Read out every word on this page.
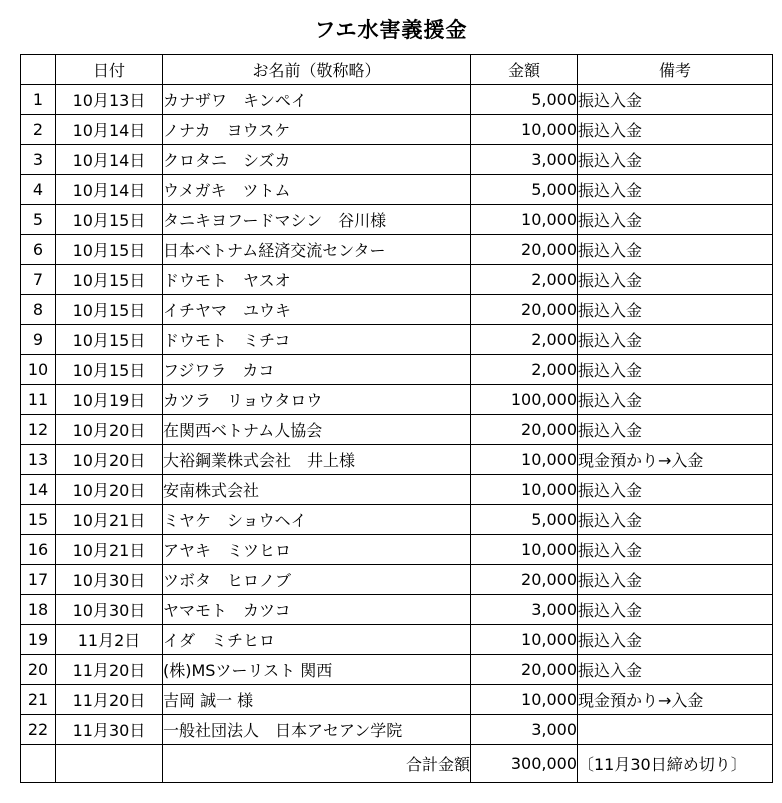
フエ水害義援金
	日付	お名前（敬称略）	金額	備考
1	10月13日	カナザワ　キンペイ	5,000	振込入金
2	10月14日	ノナカ　ヨウスケ	10,000	振込入金
3	10月14日	クロタニ　シズカ	3,000	振込入金
4	10月14日	ウメガキ　ツトム	5,000	振込入金
5	10月15日	タニキヨフードマシン　谷川様	10,000	振込入金
6	10月15日	日本ベトナム経済交流センター	20,000	振込入金
7	10月15日	ドウモト　ヤスオ	2,000	振込入金
8	10月15日	イチヤマ　ユウキ	20,000	振込入金
9	10月15日	ドウモト　ミチコ	2,000	振込入金
10	10月15日	フジワラ　カコ	2,000	振込入金
11	10月19日	カツラ　リョウタロウ	100,000	振込入金
12	10月20日	在関西ベトナム人協会	20,000	振込入金
13	10月20日	大裕鋼業株式会社　井上様	10,000	現金預かり→入金
14	10月20日	安南株式会社	10,000	振込入金
15	10月21日	ミヤケ　ショウヘイ	5,000	振込入金
16	10月21日	アヤキ　ミツヒロ	10,000	振込入金
17	10月30日	ツボタ　ヒロノブ	20,000	振込入金
18	10月30日	ヤマモト　カツコ	3,000	振込入金
19	11月2日	イダ　ミチヒロ	10,000	振込入金
20	11月20日	(株)MSツーリスト 関西	20,000	振込入金
21	11月20日	吉岡 誠一 様	10,000	現金預かり→入金
22	11月30日	一般社団法人　日本アセアン学院	3,000	
		合計金額	300,000	〔11月30日締め切り〕
